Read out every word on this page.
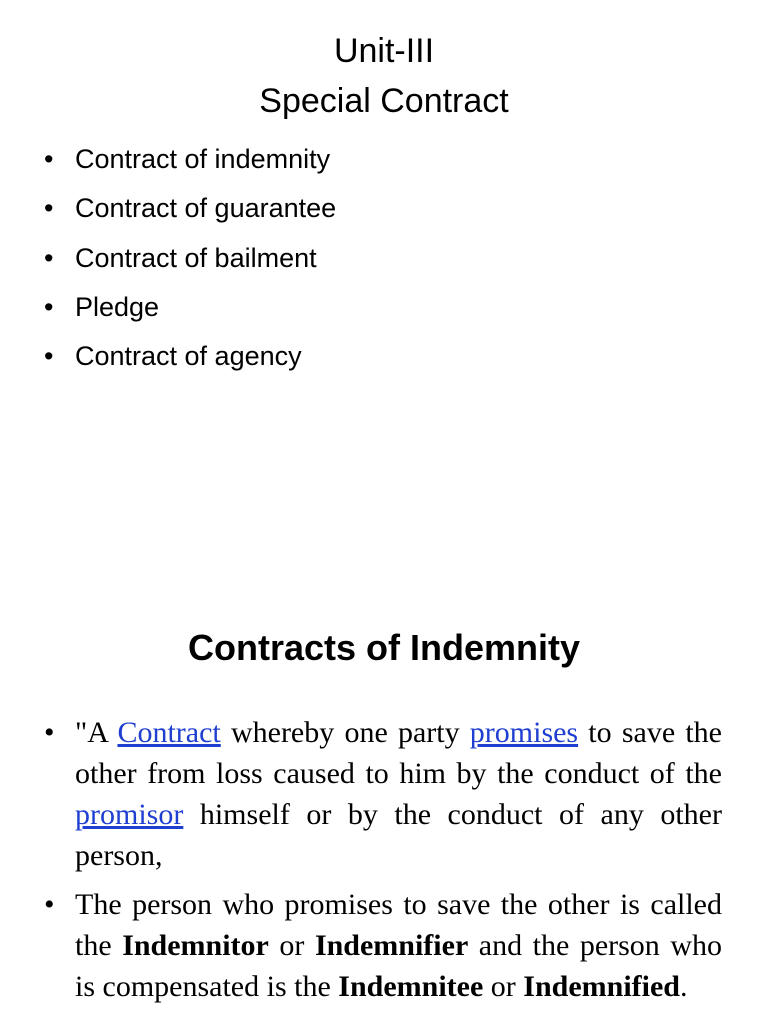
Unit-III
Special Contract
• Contract of indemnity
• Contract of guarantee
• Contract of bailment
• Pledge
• Contract of agency
Contracts of Indemnity
• "A Contract whereby one party promises to save the other from loss caused to him by the conduct of the promisor himself or by the conduct of any other person,
• The person who promises to save the other is called the Indemnitor or Indemnifier and the person who is compensated is the Indemnitee or Indemnified.
